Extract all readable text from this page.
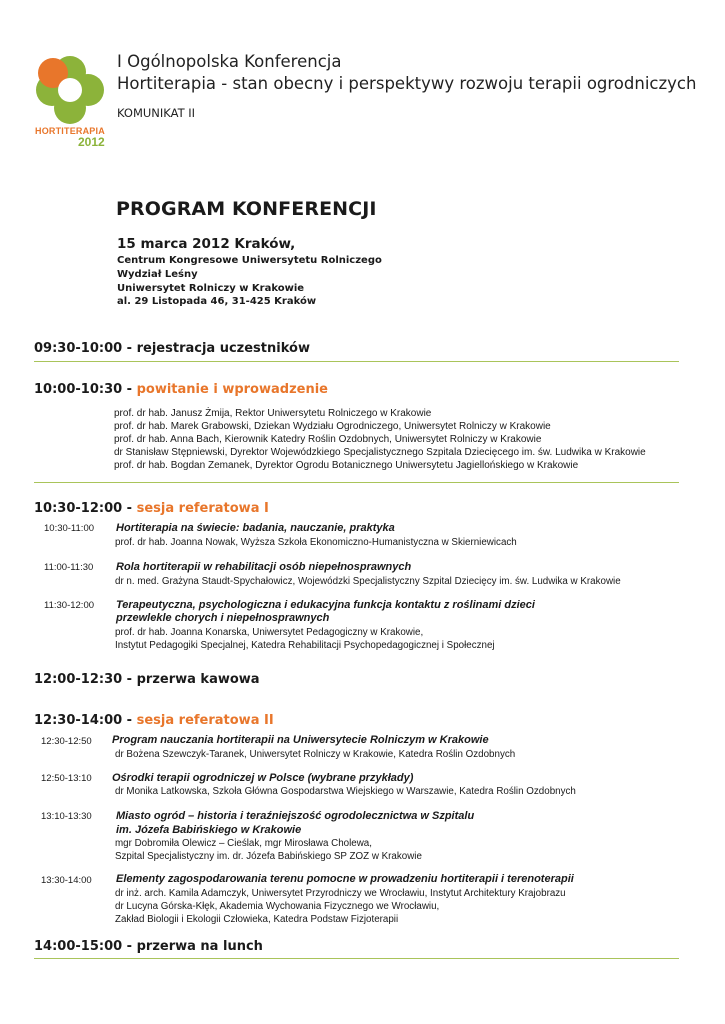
HORTITERAPIA
2012
I Ogólnopolska Konferencja
Hortiterapia - stan obecny i perspektywy rozwoju terapii ogrodniczych
KOMUNIKAT II
PROGRAM KONFERENCJI
15 marca 2012 Kraków,
Centrum Kongresowe Uniwersytetu Rolniczego
Wydział Leśny
Uniwersytet Rolniczy w Krakowie
al. 29 Listopada 46, 31-425 Kraków
09:30-10:00 - rejestracja uczestników
10:00-10:30 - powitanie i wprowadzenie
prof. dr hab. Janusz Żmija, Rektor Uniwersytetu Rolniczego w Krakowie
prof. dr hab. Marek Grabowski, Dziekan Wydziału Ogrodniczego, Uniwersytet Rolniczy w Krakowie
prof. dr hab. Anna Bach, Kierownik Katedry Roślin Ozdobnych, Uniwersytet Rolniczy w Krakowie
dr Stanisław Stępniewski, Dyrektor Wojewódzkiego Specjalistycznego Szpitala Dziecięcego im. św. Ludwika w Krakowie
prof. dr hab. Bogdan Zemanek, Dyrektor Ogrodu Botanicznego Uniwersytetu Jagiellońskiego w Krakowie
10:30-12:00 - sesja referatowa I
10:30-11:00 Hortiterapia na świecie: badania, nauczanie, praktyka
prof. dr hab. Joanna Nowak, Wyższa Szkoła Ekonomiczno-Humanistyczna w Skierniewicach
11:00-11:30 Rola hortiterapii w rehabilitacji osób niepełnosprawnych
dr n. med. Grażyna Staudt-Spychałowicz, Wojewódzki Specjalistyczny Szpital Dziecięcy im. św. Ludwika w Krakowie
11:30-12:00 Terapeutyczna, psychologiczna i edukacyjna funkcja kontaktu z roślinami dzieci
przewlekle chorych i niepełnosprawnych
prof. dr hab. Joanna Konarska, Uniwersytet Pedagogiczny w Krakowie,
Instytut Pedagogiki Specjalnej, Katedra Rehabilitacji Psychopedagogicznej i Społecznej
12:00-12:30 - przerwa kawowa
12:30-14:00 - sesja referatowa II
12:30-12:50 Program nauczania hortiterapii na Uniwersytecie Rolniczym w Krakowie
dr Bożena Szewczyk-Taranek, Uniwersytet Rolniczy w Krakowie, Katedra Roślin Ozdobnych
12:50-13:10 Ośrodki terapii ogrodniczej w Polsce (wybrane przykłady)
dr Monika Latkowska, Szkoła Główna Gospodarstwa Wiejskiego w Warszawie, Katedra Roślin Ozdobnych
13:10-13:30 Miasto ogród – historia i teraźniejszość ogrodolecznictwa w Szpitalu
im. Józefa Babińskiego w Krakowie
mgr Dobromiła Olewicz – Cieślak, mgr Mirosława Cholewa,
Szpital Specjalistyczny im. dr. Józefa Babińskiego SP ZOZ w Krakowie
13:30-14:00 Elementy zagospodarowania terenu pomocne w prowadzeniu hortiterapii i terenoterapii
dr inż. arch. Kamila Adamczyk, Uniwersytet Przyrodniczy we Wrocławiu, Instytut Architektury Krajobrazu
dr Lucyna Górska-Kłęk, Akademia Wychowania Fizycznego we Wrocławiu,
Zakład Biologii i Ekologii Człowieka, Katedra Podstaw Fizjoterapii
14:00-15:00 - przerwa na lunch
